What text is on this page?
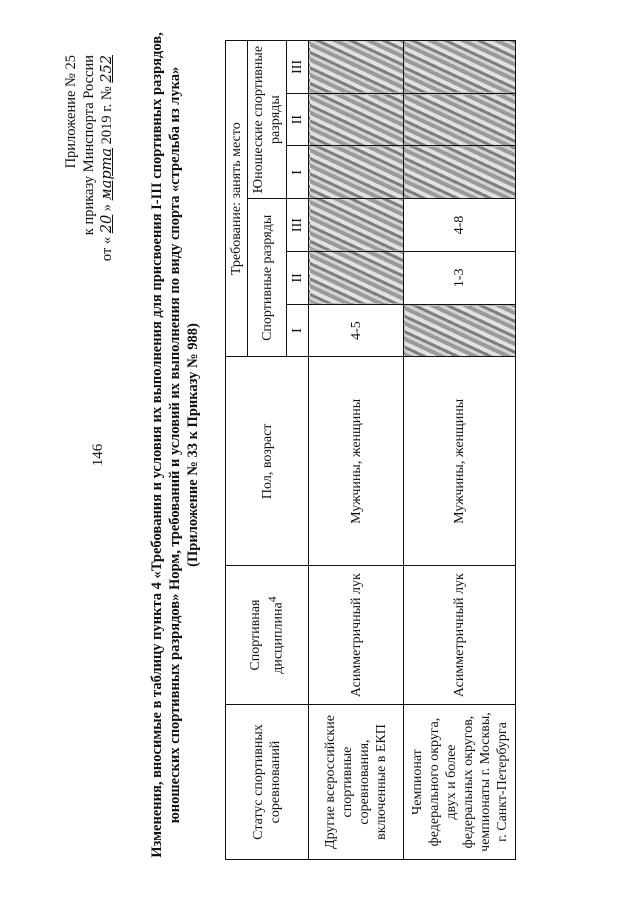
146
Приложение № 25 к приказу Минспорта России
от « 20 » марта 2019 г. № 252 Изменения, вносимые в таблицу пункта 4 «Требования и условия их выполнения для присвоения I-III спортивных разрядов, юношеских спортивных разрядов» Норм, требований и условий их выполнения по виду спорта «стрельба из лука» (Приложение № 33 к Приказу № 988)
Статус спортивных соревнований	Спортивная дисциплина$^4$	Пол, возраст	Требование: занять место					
			Спортивные разряды			Юношеские спортивные разряды		
			I	II	III	I	II	III
Другие всероссийские спортивные соревнования, включенные в ЕКП	Асимметричный лук	Мужчины, женщины	4-5					
Чемпионат федерального округа, двух и более федеральных округов, чемпионаты г. Москвы, г. Санкт-Петербурга	Асимметричный лук	Мужчины, женщины		1-3	4-8			
